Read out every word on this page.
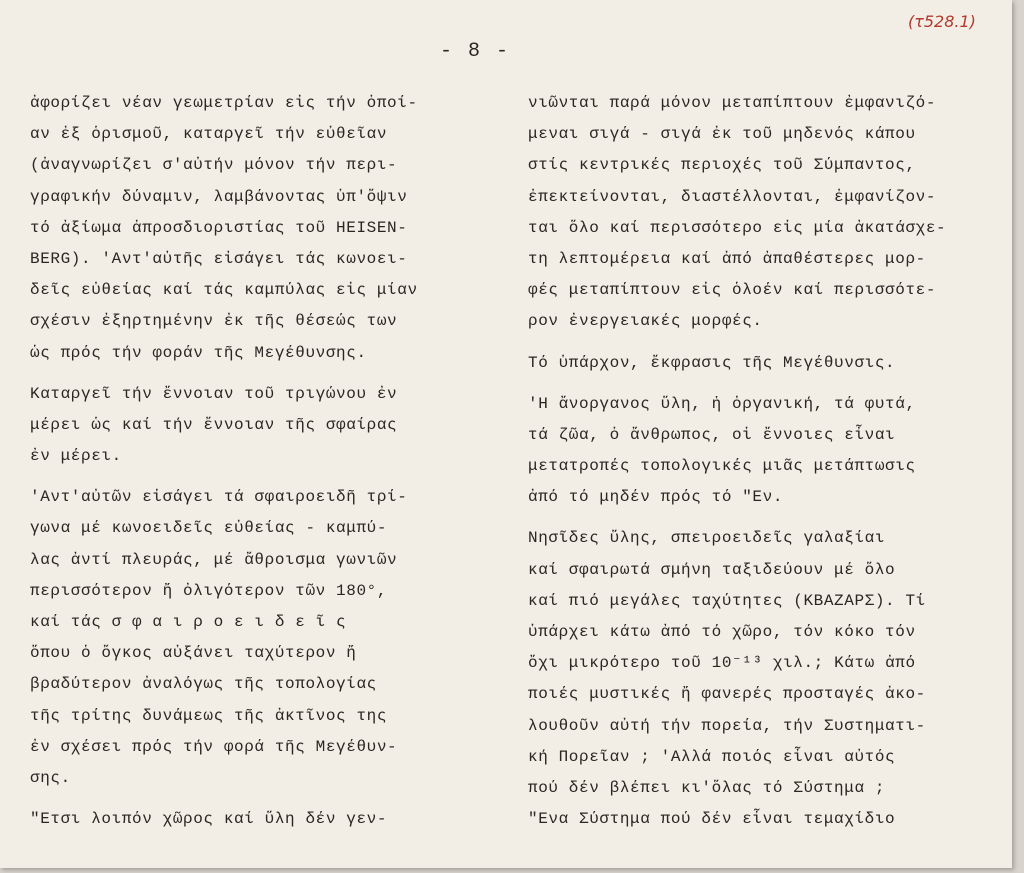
- 8 -
(τ528.1)
ἀφορίζει νέαν γεωμετρίαν εἰς τήν ὁποί-
αν ἐξ ὁρισμοῦ, καταργεῖ τήν εὐθεῖαν
(ἀναγνωρίζει σ'αὐτήν μόνον τήν περι-
γραφικήν δύναμιν, λαμβάνοντας ὑπ'ὄψιν
τό ἀξίωμα ἀπροσδιοριστίας τοῦ HEISEN-
BERG). 'Αντ'αὐτῆς εἰσάγει τάς κωνοει-
δεῖς εὐθείας καί τάς καμπύλας εἰς μίαν
σχέσιν ἐξηρτημένην ἐκ τῆς θέσεώς των
ὡς πρός τήν φοράν τῆς Μεγέθυνσης.
Καταργεῖ τήν ἔννοιαν τοῦ τριγώνου ἐν
μέρει ὡς καί τήν ἔννοιαν τῆς σφαίρας
ἐν μέρει.
'Αντ'αὐτῶν εἰσάγει τά σφαιροειδῆ τρί-
γωνα μέ κωνοειδεῖς εὐθείας - καμπύ-
λας ἀντί πλευράς, μέ ἄθροισμα γωνιῶν
περισσότερον ἤ ὀλιγότερον τῶν 180°,
καί τάς σ φ α ι ρ ο ε ι δ ε ῖ ς
ὅπου ὁ ὄγκος αὐξάνει ταχύτερον ἤ
βραδύτερον ἀναλόγως τῆς τοπολογίας
τῆς τρίτης δυνάμεως τῆς ἀκτῖνος της
ἐν σχέσει πρός τήν φορά τῆς Μεγέθυν-
σης.
"Ετσι λοιπόν χῶρος καί ὕλη δέν γεν-
νιῶνται παρά μόνον μεταπίπτουν ἐμφανιζό-
μεναι σιγά - σιγά ἐκ τοῦ μηδενός κάπου
στίς κεντρικές περιοχές τοῦ Σύμπαντος,
ἐπεκτείνονται, διαστέλλονται, ἐμφανίζον-
ται ὅλο καί περισσότερο εἰς μία ἀκατάσχε-
τη λεπτομέρεια καί ἀπό ἀπαθέστερες μορ-
φές μεταπίπτουν εἰς ὁλοέν καί περισσότε-
ρον ἐνεργειακές μορφές.
Τό ὑπάρχον, ἔκφρασις τῆς Μεγέθυνσις.
'Η ἄνοργανος ὕλη, ἡ ὀργανική, τά φυτά,
τά ζῶα, ὁ ἄνθρωπος, οἱ ἔννοιες εἶναι
μετατροπές τοπολογικές μιᾶς μετάπτωσις
ἀπό τό μηδέν πρός τό "Εν.
Νησῖδες ὕλης, σπειροειδεῖς γαλαξίαι
καί σφαιρωτά σμήνη ταξιδεύουν μέ ὅλο
καί πιό μεγάλες ταχύτητες (ΚΒΑΖΑΡΣ). Τί
ὑπάρχει κάτω ἀπό τό χῶρο, τόν κόκο τόν
ὄχι μικρότερο τοῦ 10⁻¹³ χιλ.; Κάτω ἀπό
ποιές μυστικές ἤ φανερές προσταγές ἀκο-
λουθοῦν αὐτή τήν πορεία, τήν Συστηματι-
κή Πορεῖαν ; 'Αλλά ποιός εἶναι αὐτός
πού δέν βλέπει κι'ὅλας τό Σύστημα ;
"Ενα Σύστημα πού δέν εἶναι τεμαχίδιο
